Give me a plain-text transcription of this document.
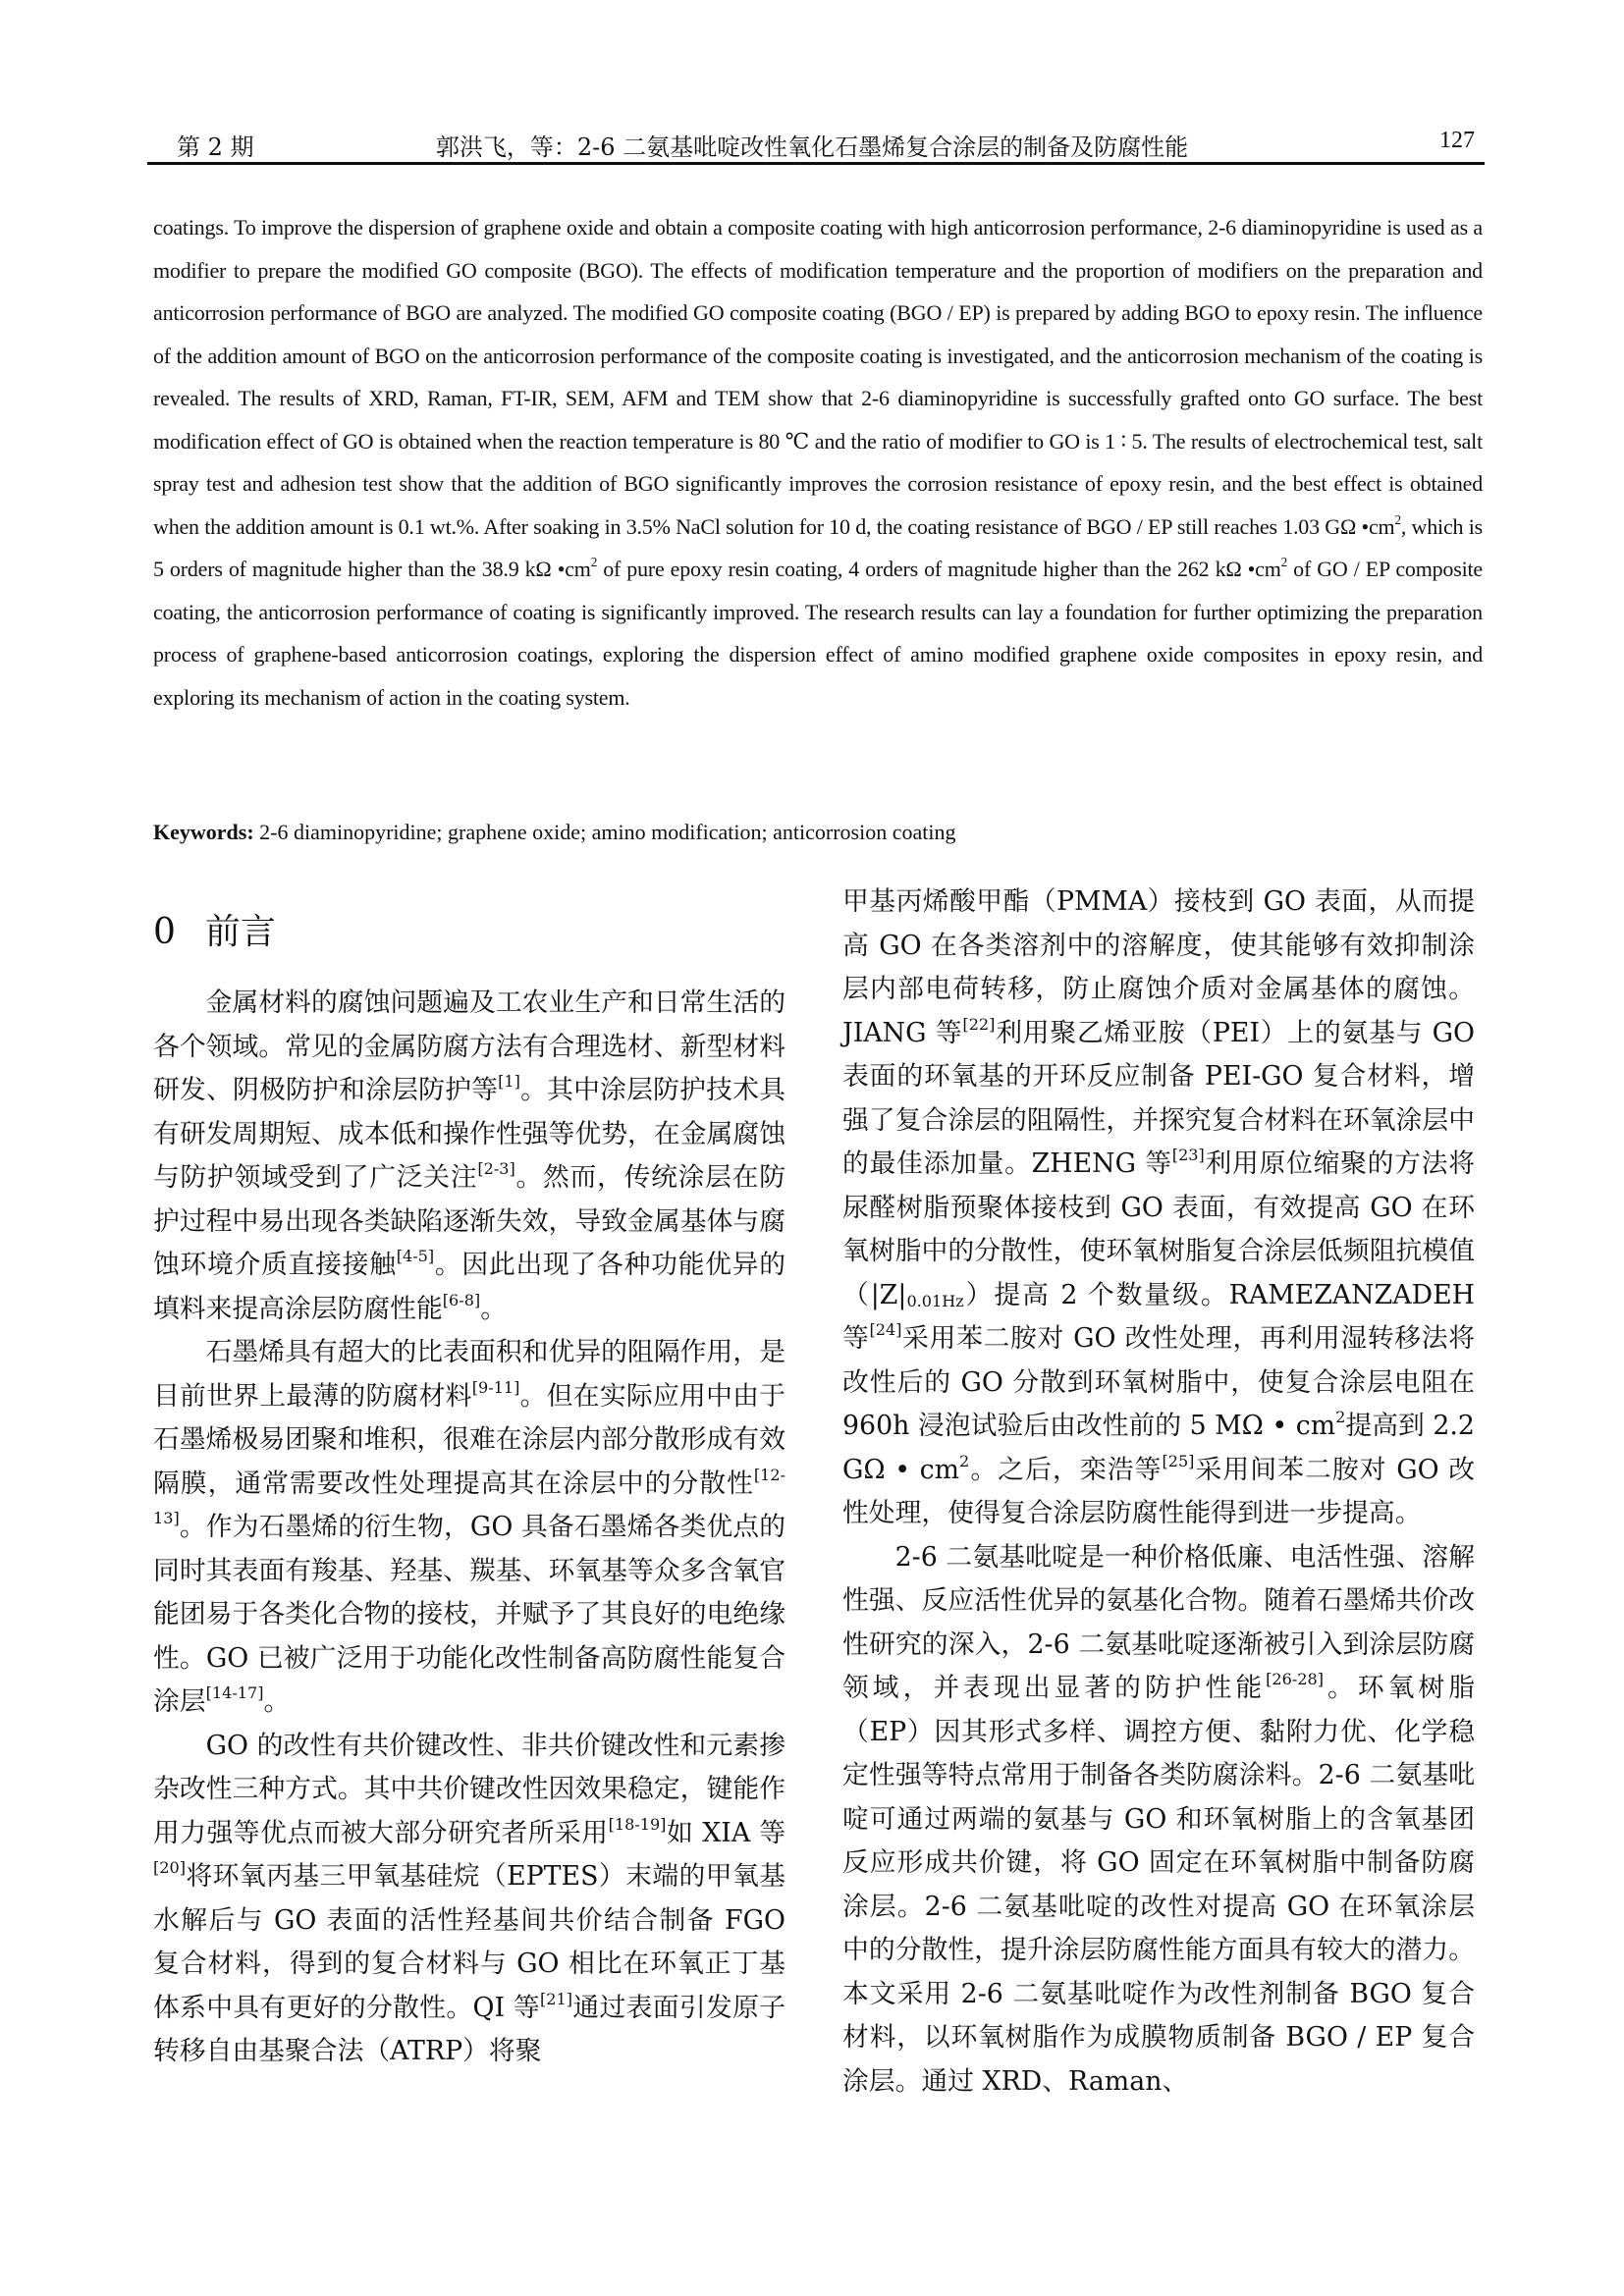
第 2 期	郭洪飞，等：2-6 二氨基吡啶改性氧化石墨烯复合涂层的制备及防腐性能	127

coatings. To improve the dispersion of graphene oxide and obtain a composite coating with high anticorrosion performance, 2-6 diaminopyridine is used as a modifier to prepare the modified GO composite (BGO). The effects of modification temperature and the proportion of modifiers on the preparation and anticorrosion performance of BGO are analyzed. The modified GO composite coating (BGO / EP) is prepared by adding BGO to epoxy resin. The influence of the addition amount of BGO on the anticorrosion performance of the composite coating is investigated, and the anticorrosion mechanism of the coating is revealed. The results of XRD, Raman, FT-IR, SEM, AFM and TEM show that 2-6 diaminopyridine is successfully grafted onto GO surface. The best modification effect of GO is obtained when the reaction temperature is 80 ℃ and the ratio of modifier to GO is 1 ∶ 5. The results of electrochemical test, salt spray test and adhesion test show that the addition of BGO significantly improves the corrosion resistance of epoxy resin, and the best effect is obtained when the addition amount is 0.1 wt.%. After soaking in 3.5% NaCl solution for 10 d, the coating resistance of BGO / EP still reaches 1.03 GΩ $•cm^2$, which is 5 orders of magnitude higher than the 38.9 kΩ $•cm^2$ of pure epoxy resin coating, 4 orders of magnitude higher than the 262 kΩ $•cm^2$ of GO / EP composite coating, the anticorrosion performance of coating is significantly improved. The research results can lay a foundation for further optimizing the preparation process of graphene-based anticorrosion coatings, exploring the dispersion effect of amino modified graphene oxide composites in epoxy resin, and exploring its mechanism of action in the coating system.

Keywords: 2-6 diaminopyridine; graphene oxide; amino modification; anticorrosion coating
0 前言

金属材料的腐蚀问题遍及工农业生产和日常生活的各个领域。常见的金属防腐方法有合理选材、新型材料研发、阴极防护和涂层防护等[1]。其中涂层防护技术具有研发周期短、成本低和操作性强等优势，在金属腐蚀与防护领域受到了广泛关注[2-3]。然而，传统涂层在防护过程中易出现各类缺陷逐渐失效，导致金属基体与腐蚀环境介质直接接触[4-5]。因此出现了各种功能优异的填料来提高涂层防腐性能[6-8]。

石墨烯具有超大的比表面积和优异的阻隔作用，是目前世界上最薄的防腐材料[9-11]。但在实际应用中由于石墨烯极易团聚和堆积，很难在涂层内部分散形成有效隔膜，通常需要改性处理提高其在涂层中的分散性[12-13]。作为石墨烯的衍生物，GO 具备石墨烯各类优点的同时其表面有羧基、羟基、羰基、环氧基等众多含氧官能团易于各类化合物的接枝，并赋予了其良好的电绝缘性。GO 已被广泛用于功能化改性制备高防腐性能复合涂层[14-17]。

GO 的改性有共价键改性、非共价键改性和元素掺杂改性三种方式。其中共价键改性因效果稳定，键能作用力强等优点而被大部分研究者所采用[18-19]如 XIA 等[20]将环氧丙基三甲氧基硅烷（EPTES）末端的甲氧基水解后与 GO 表面的活性羟基间共价结合制备 FGO 复合材料，得到的复合材料与 GO 相比在环氧正丁基体系中具有更好的分散性。QI 等[21]通过表面引发原子转移自由基聚合法（ATRP）将聚

甲基丙烯酸甲酯（PMMA）接枝到 GO 表面，从而提高 GO 在各类溶剂中的溶解度，使其能够有效抑制涂层内部电荷转移，防止腐蚀介质对金属基体的腐蚀。JIANG 等[22]利用聚乙烯亚胺（PEI）上的氨基与 GO 表面的环氧基的开环反应制备 PEI-GO 复合材料，增强了复合涂层的阻隔性，并探究复合材料在环氧涂层中的最佳添加量。ZHENG 等[23]利用原位缩聚的方法将尿醛树脂预聚体接枝到 GO 表面，有效提高 GO 在环氧树脂中的分散性，使环氧树脂复合涂层低频阻抗模值$(|Z|_{0.01Hz})$提高 2 个数量级。RAMEZANZADEH 等[24]采用苯二胺对 GO 改性处理，再利用湿转移法将改性后的 GO 分散到环氧树脂中，使复合涂层电阻在 960h 浸泡试验后由改性前的 5 MΩ • $cm^2$提高到 2.2 GΩ • $cm^2$。之后，栾浩等[25]采用间苯二胺对 GO 改性处理，使得复合涂层防腐性能得到进一步提高。

2-6 二氨基吡啶是一种价格低廉、电活性强、溶解性强、反应活性优异的氨基化合物。随着石墨烯共价改性研究的深入，2-6 二氨基吡啶逐渐被引入到涂层防腐领域，并表现出显著的防护性能[26-28]。环氧树脂（EP）因其形式多样、调控方便、黏附力优、化学稳定性强等特点常用于制备各类防腐涂料。2-6 二氨基吡啶可通过两端的氨基与 GO 和环氧树脂上的含氧基团反应形成共价键，将 GO 固定在环氧树脂中制备防腐涂层。2-6 二氨基吡啶的改性对提高 GO 在环氧涂层中的分散性，提升涂层防腐性能方面具有较大的潜力。本文采用 2-6 二氨基吡啶作为改性剂制备 BGO 复合材料，以环氧树脂作为成膜物质制备 BGO / EP 复合涂层。通过 XRD、Raman、
